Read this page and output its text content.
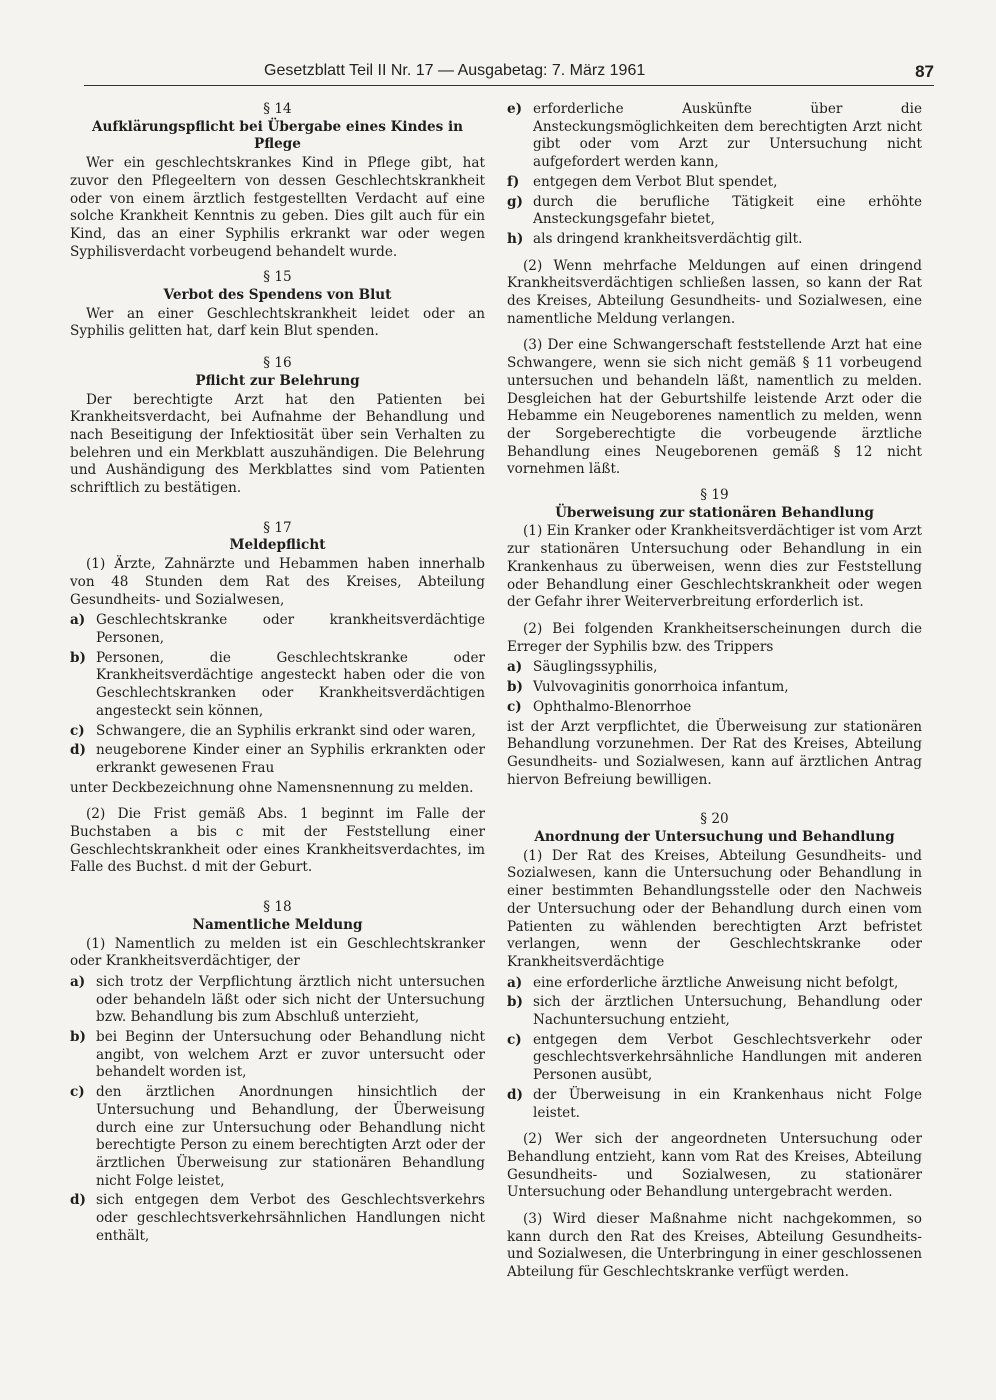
Gesetzblatt Teil II Nr. 17 — Ausgabetag: 7. März 1961	87

§ 14

Aufklärungspflicht bei Übergabe eines Kindes in Pflege

Wer ein geschlechtskrankes Kind in Pflege gibt, hat zuvor den Pflegeeltern von dessen Geschlechtskrankheit oder von einem ärztlich festgestellten Verdacht auf eine solche Krankheit Kenntnis zu geben. Dies gilt auch für ein Kind, das an einer Syphilis erkrankt war oder wegen Syphilisverdacht vorbeugend behandelt wurde.

§ 15

Verbot des Spendens von Blut

Wer an einer Geschlechtskrankheit leidet oder an Syphilis gelitten hat, darf kein Blut spenden.

§ 16

Pflicht zur Belehrung

Der berechtigte Arzt hat den Patienten bei Krankheitsverdacht, bei Aufnahme der Behandlung und nach Beseitigung der Infektiosität über sein Verhalten zu belehren und ein Merkblatt auszuhändigen. Die Belehrung und Aushändigung des Merkblattes sind vom Patienten schriftlich zu bestätigen.

§ 17

Meldepflicht

(1) Ärzte, Zahnärzte und Hebammen haben innerhalb von 48 Stunden dem Rat des Kreises, Abteilung Gesundheits- und Sozialwesen,

a) Geschlechtskranke oder krankheitsverdächtige Personen,
b) Personen, die Geschlechtskranke oder Krankheitsverdächtige angesteckt haben oder die von Geschlechtskranken oder Krankheitsverdächtigen angesteckt sein können,
c) Schwangere, die an Syphilis erkrankt sind oder waren,
d) neugeborene Kinder einer an Syphilis erkrankten oder erkrankt gewesenen Frau

unter Deckbezeichnung ohne Namensnennung zu melden.

(2) Die Frist gemäß Abs. 1 beginnt im Falle der Buchstaben a bis c mit der Feststellung einer Geschlechtskrankheit oder eines Krankheitsverdachtes, im Falle des Buchst. d mit der Geburt.

§ 18

Namentliche Meldung

(1) Namentlich zu melden ist ein Geschlechtskranker oder Krankheitsverdächtiger, der

a) sich trotz der Verpflichtung ärztlich nicht untersuchen oder behandeln läßt oder sich nicht der Untersuchung bzw. Behandlung bis zum Abschluß unterzieht,
b) bei Beginn der Untersuchung oder Behandlung nicht angibt, von welchem Arzt er zuvor untersucht oder behandelt worden ist,
c) den ärztlichen Anordnungen hinsichtlich der Untersuchung und Behandlung, der Überweisung durch eine zur Untersuchung oder Behandlung nicht berechtigte Person zu einem berechtigten Arzt oder der ärztlichen Überweisung zur stationären Behandlung nicht Folge leistet,
d) sich entgegen dem Verbot des Geschlechtsverkehrs oder geschlechtsverkehrsähnlichen Handlungen nicht enthält,
e) erforderliche Auskünfte über die Ansteckungsmöglichkeiten dem berechtigten Arzt nicht gibt oder vom Arzt zur Untersuchung nicht aufgefordert werden kann,
f)	entgegen dem Verbot Blut spendet,
g) durch die berufliche Tätigkeit eine erhöhte Ansteckungsgefahr bietet,
h) als dringend krankheitsverdächtig gilt.

(2) Wenn mehrfache Meldungen auf einen dringend Krankheitsverdächtigen schließen lassen, so kann der Rat des Kreises, Abteilung Gesundheits- und Sozialwesen, eine namentliche Meldung verlangen.

(3) Der eine Schwangerschaft feststellende Arzt hat eine Schwangere, wenn sie sich nicht gemäß § 11 vorbeugend untersuchen und behandeln läßt, namentlich zu melden. Desgleichen hat der Geburtshilfe leistende Arzt oder die Hebamme ein Neugeborenes namentlich zu melden, wenn der Sorgeberechtigte die vorbeugende ärztliche Behandlung eines Neugeborenen gemäß § 12 nicht vornehmen läßt.

§ 19

Überweisung zur stationären Behandlung

(1) Ein Kranker oder Krankheitsverdächtiger ist vom Arzt zur stationären Untersuchung oder Behandlung in ein Krankenhaus zu überweisen, wenn dies zur Feststellung oder Behandlung einer Geschlechtskrankheit oder wegen der Gefahr ihrer Weiterverbreitung erforderlich ist.

(2) Bei folgenden Krankheitserscheinungen durch die Erreger der Syphilis bzw. des Trippers

a) Säuglingssyphilis,
b) Vulvovaginitis gonorrhoica infantum,
c) Ophthalmo-Blenorrhoe

ist der Arzt verpflichtet, die Überweisung zur stationären Behandlung vorzunehmen. Der Rat des Kreises, Abteilung Gesundheits- und Sozialwesen, kann auf ärztlichen Antrag hiervon Befreiung bewilligen.

§ 20

Anordnung der Untersuchung und Behandlung

(1) Der Rat des Kreises, Abteilung Gesundheits- und Sozialwesen, kann die Untersuchung oder Behandlung in einer bestimmten Behandlungsstelle oder den Nachweis der Untersuchung oder der Behandlung durch einen vom Patienten zu wählenden berechtigten Arzt befristet verlangen, wenn der Geschlechtskranke oder Krankheitsverdächtige

a) eine erforderliche ärztliche Anweisung nicht befolgt,
b) sich der ärztlichen Untersuchung, Behandlung oder Nachuntersuchung entzieht,
c) entgegen dem Verbot Geschlechtsverkehr oder geschlechtsverkehrsähnliche Handlungen mit anderen Personen ausübt,
d) der Überweisung in ein Krankenhaus nicht Folge leistet.

(2) Wer sich der angeordneten Untersuchung oder Behandlung entzieht, kann vom Rat des Kreises, Abteilung Gesundheits- und Sozialwesen, zu stationärer Untersuchung oder Behandlung untergebracht werden.

(3) Wird dieser Maßnahme nicht nachgekommen, so kann durch den Rat des Kreises, Abteilung Gesundheits- und Sozialwesen, die Unterbringung in einer geschlossenen Abteilung für Geschlechtskranke verfügt werden.
